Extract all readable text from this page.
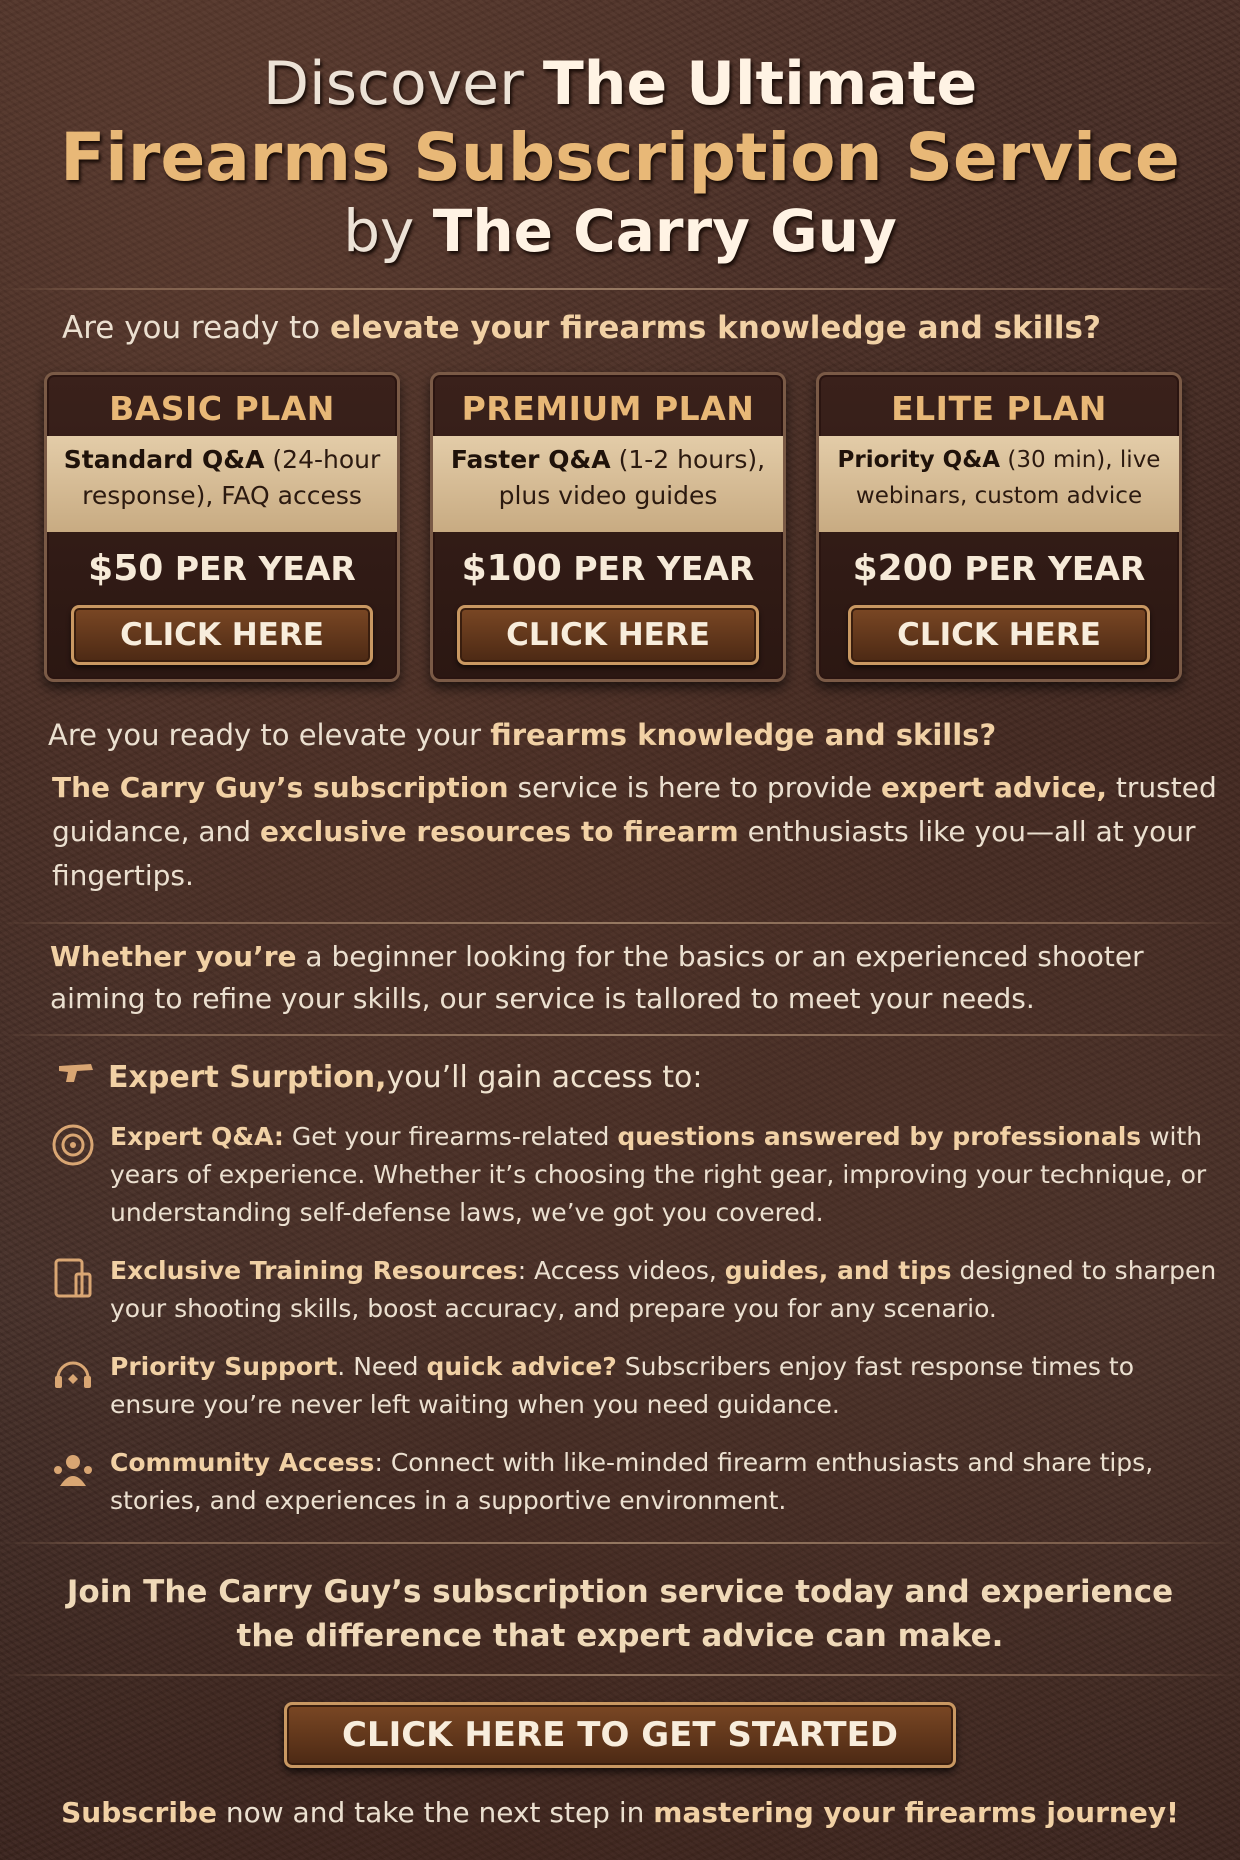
Discover The Ultimate
Firearms Subscription Service
by The Carry Guy
Are you ready to elevate your firearms knowledge and skills?
BASIC PLAN
Standard Q&A (24-hour response), FAQ access
$50 PER YEAR
CLICK HERE
PREMIUM PLAN
Faster Q&A (1-2 hours), plus video guides
$100 PER YEAR
CLICK HERE
ELITE PLAN
Priority Q&A (30 min), live webinars, custom advice
$200 PER YEAR
CLICK HERE
Are you ready to elevate your firearms knowledge and skills?
The Carry Guy’s subscription service is here to provide expert advice, trusted guidance, and exclusive resources to firearm enthusiasts like you—all at your fingertips.
Whether you’re a beginner looking for the basics or an experienced shooter aiming to refine your skills, our service is tallored to meet your needs.
Expert Surption, you’ll gain access to:
Expert Q&A: Get your firearms-related questions answered by professionals with years of experience. Whether it’s choosing the right gear, improving your technique, or understanding self-defense laws, we’ve got you covered.
Exclusive Training Resources: Access videos, guides, and tips designed to sharpen your shooting skills, boost accuracy, and prepare you for any scenario.
Priority Support. Need quick advice? Subscribers enjoy fast response times to ensure you’re never left waiting when you need guidance.
Community Access: Connect with like-minded firearm enthusiasts and share tips, stories, and experiences in a supportive environment.
Join The Carry Guy’s subscription service today and experience the difference that expert advice can make.
CLICK HERE TO GET STARTED
Subscribe now and take the next step in mastering your firearms journey!
